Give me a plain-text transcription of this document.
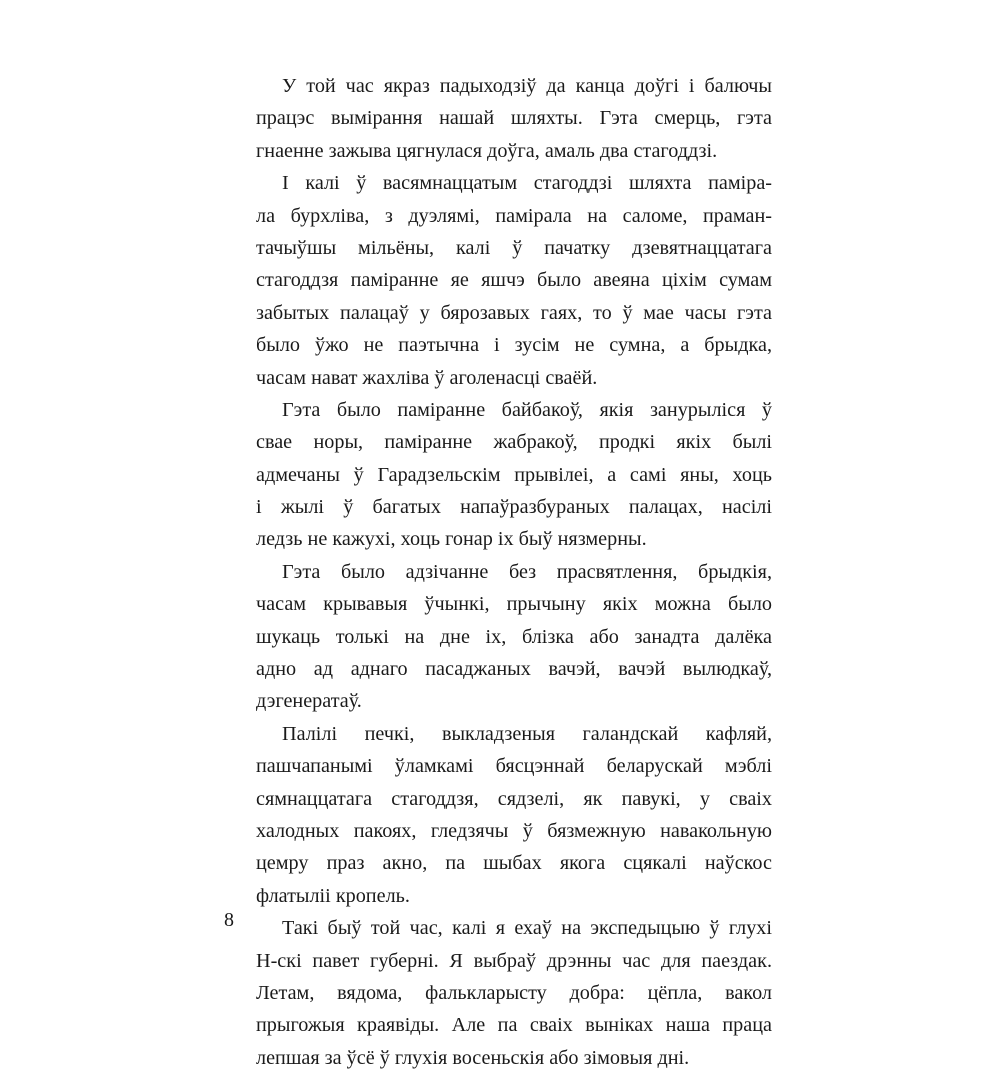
У той час якраз падыходзіў да канца доўгі і балючы
працэс вымірання нашай шляхты. Гэта смерць, гэта
гнаенне зажыва цягнулася доўга, амаль два стагоддзі.
І калі ў васямнаццатым стагоддзі шляхта паміра-
ла бурхліва, з дуэлямі, памірала на саломе, праман-
тачыўшы мільёны, калі ў пачатку дзевятнаццатага
стагоддзя паміранне яе яшчэ было авеяна ціхім сумам
забытых палацаў у бярозавых гаях, то ў мае часы гэта
было ўжо не паэтычна і зусім не сумна, а брыдка,
часам нават жахліва ў аголенасці сваёй.
Гэта было паміранне байбакоў, якія занурыліся ў
свае норы, паміранне жабракоў, продкі якіх былі
адмечаны ў Гарадзельскім прывілеі, а самі яны, хоць
і жылі ў багатых напаўразбураных палацах, насілі
ледзь не кажухі, хоць гонар іх быў нязмерны.
Гэта было адзічанне без прасвятлення, брыдкія,
часам крывавыя ўчынкі, прычыну якіх можна было
шукаць толькі на дне іх, блізка або занадта далёка
адно ад аднаго пасаджаных вачэй, вачэй вылюдкаў,
дэгенератаў.
Палілі печкі, выкладзеныя галандскай кафляй,
пашчапанымі ўламкамі бясцэннай беларускай мэблі
сямнаццатага стагоддзя, сядзелі, як павукі, у сваіх
халодных пакоях, гледзячы ў бязмежную навакольную
цемру праз акно, па шыбах якога сцякалі наўскос
флатыліі кропель.
Такі быў той час, калі я ехаў на экспедыцыю ў глухі
Н-скі павет губерні. Я выбраў дрэнны час для паездак.
Летам, вядома, фалькларысту добра: цёпла, вакол
прыгожыя краявіды. Але па сваіх выніках наша праца
лепшая за ўсё ў глухія восеньскія або зімовыя дні.
8
